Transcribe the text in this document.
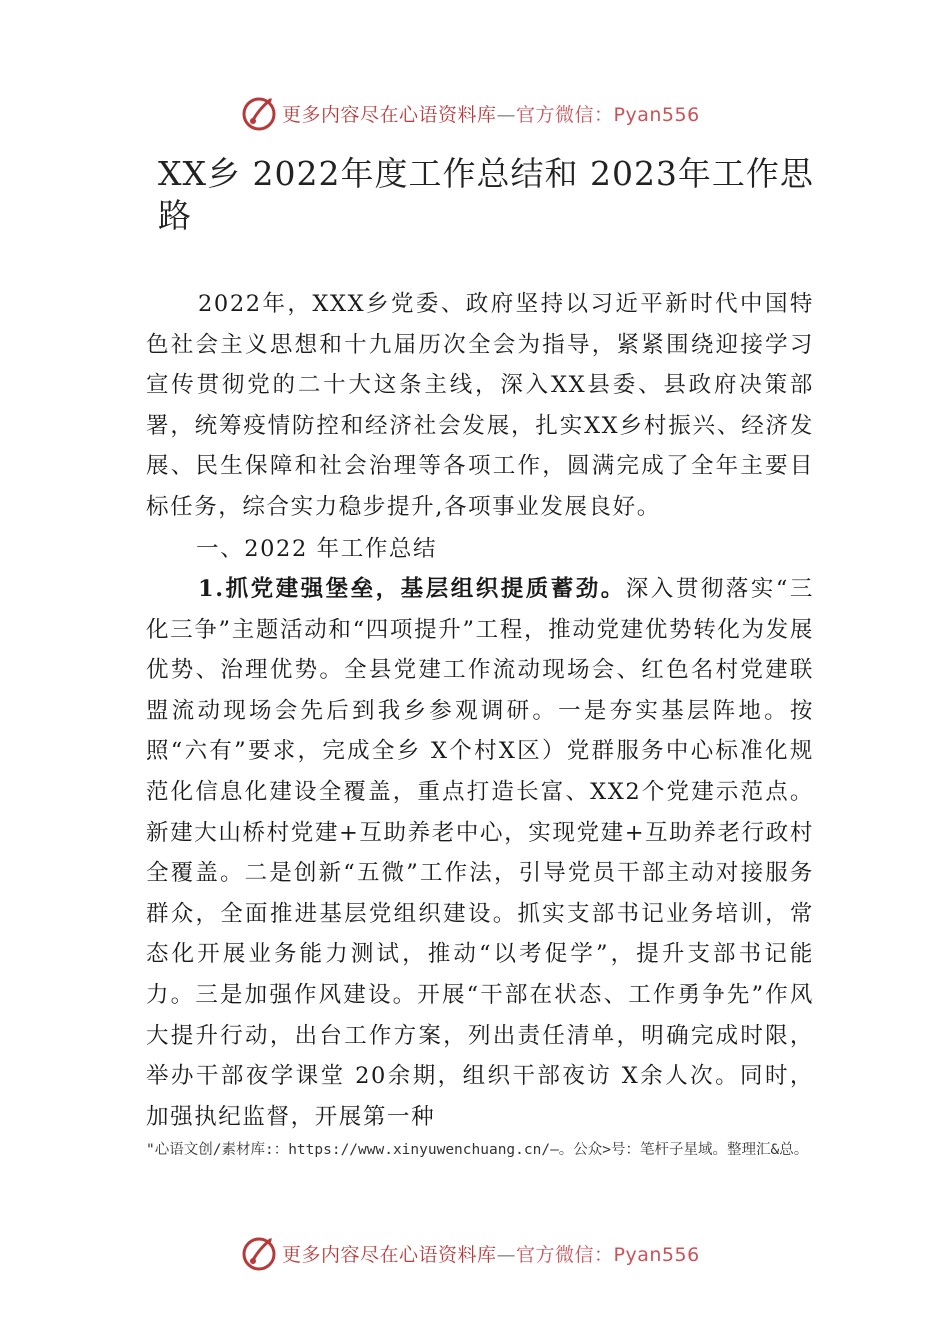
更多内容尽在心语资料库—官方微信：Pyan556
XX乡 2022年度工作总结和 2023年工作思路
2022年，XXX乡党委、政府坚持以习近平新时代中国特色社会主义思想和十九届历次全会为指导，紧紧围绕迎接学习宣传贯彻党的二十大这条主线，深入XX县委、县政府决策部署，统筹疫情防控和经济社会发展，扎实XX乡村振兴、经济发展、民生保障和社会治理等各项工作，圆满完成了全年主要目标任务，综合实力稳步提升,各项事业发展良好。
一、2022 年工作总结
1.抓党建强堡垒，基层组织提质蓄劲。深入贯彻落实“三化三争”主题活动和“四项提升”工程，推动党建优势转化为发展优势、治理优势。全县党建工作流动现场会、红色名村党建联盟流动现场会先后到我乡参观调研。一是夯实基层阵地。按照“六有”要求，完成全乡 X个村X区）党群服务中心标准化规范化信息化建设全覆盖，重点打造长富、XX2个党建示范点。新建大山桥村党建+互助养老中心，实现党建+互助养老行政村全覆盖。二是创新“五微”工作法，引导党员干部主动对接服务群众，全面推进基层党组织建设。抓实支部书记业务培训，常态化开展业务能力测试，推动“以考促学”，提升支部书记能力。三是加强作风建设。开展“干部在状态、工作勇争先”作风大提升行动，出台工作方案，列出责任清单，明确完成时限，举办干部夜学课堂 20余期，组织干部夜访 X余人次。同时，加强执纪监督，开展第一种
"心语文创/素材库:：https://www.xinyuwenchuang.cn/—。公众>号：笔杆子星域。整理汇&总。
更多内容尽在心语资料库—官方微信：Pyan556
